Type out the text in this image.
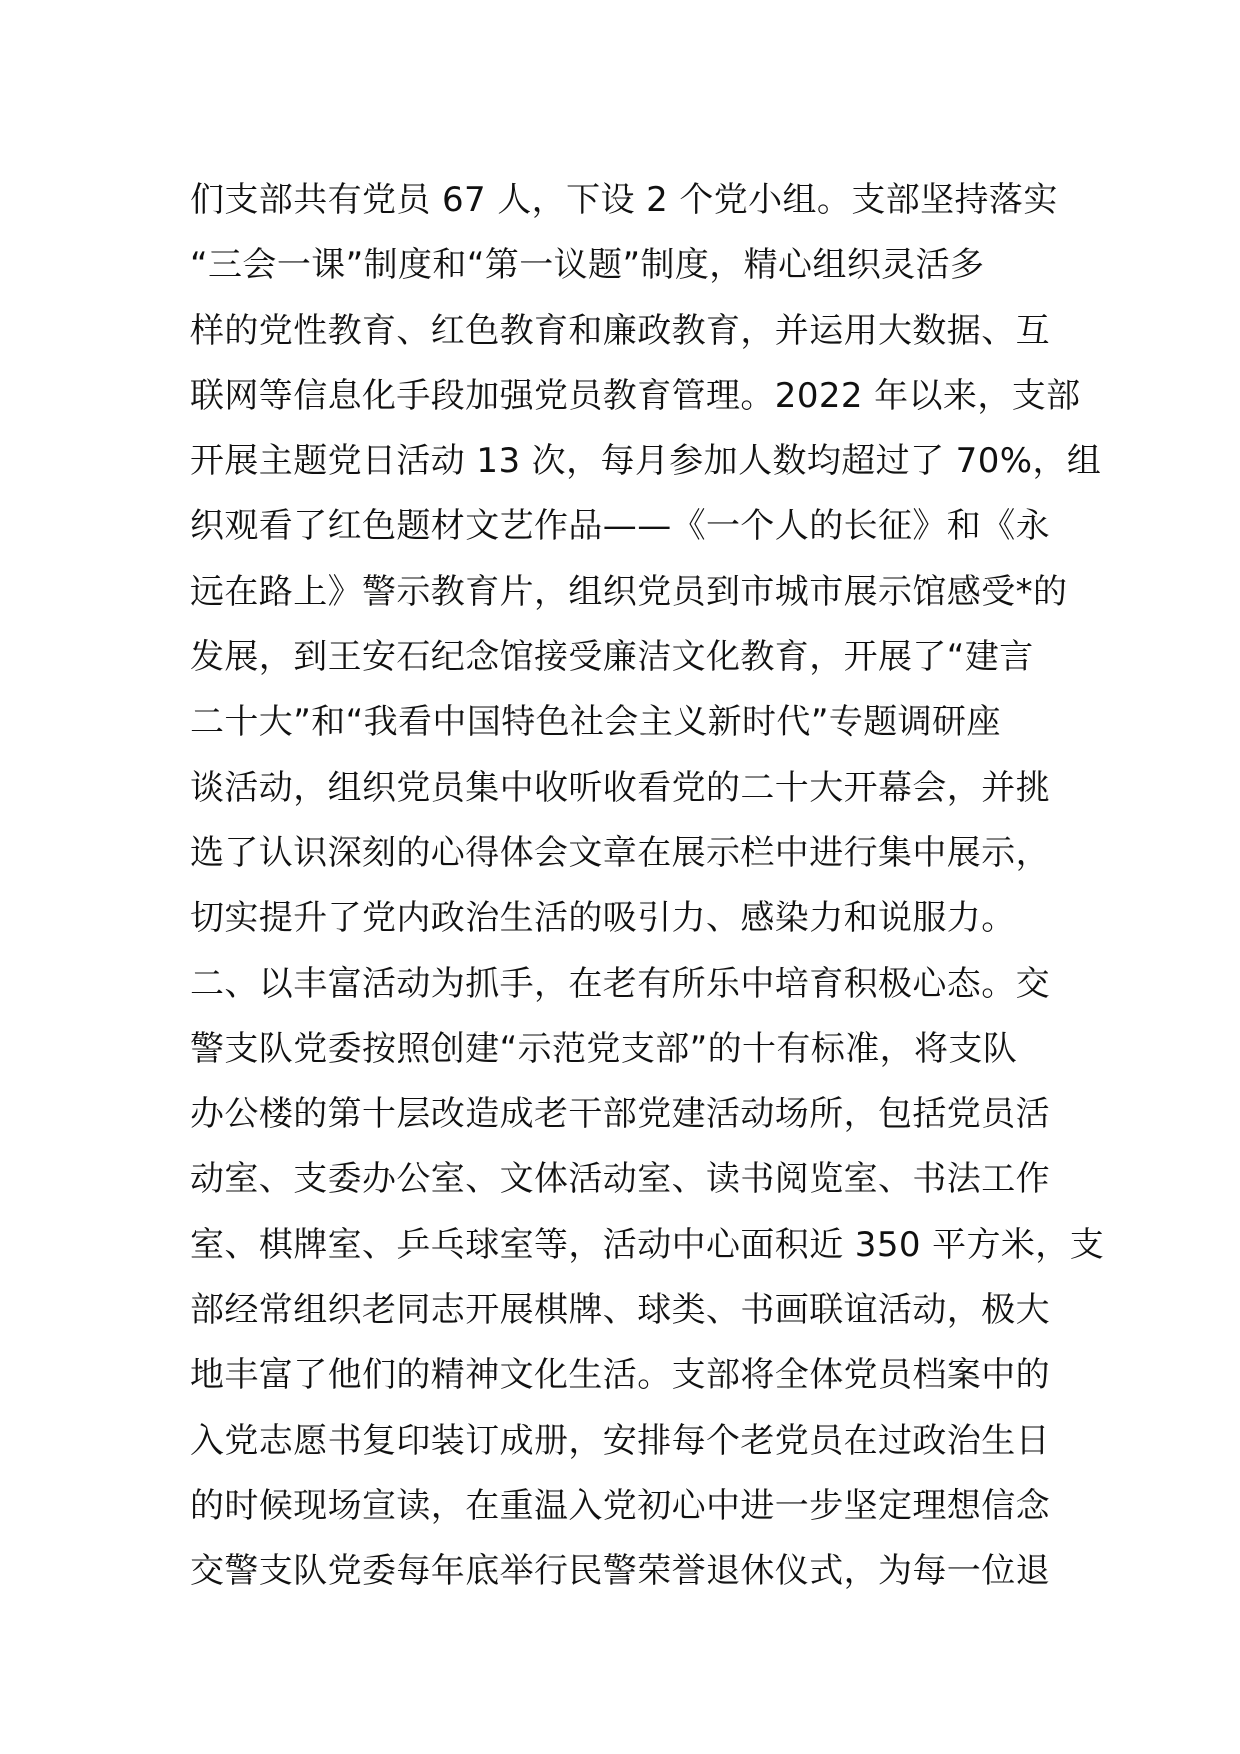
们支部共有党员 67 人，下设 2 个党小组。支部坚持落实
“三会一课”制度和“第一议题”制度，精心组织灵活多
样的党性教育、红色教育和廉政教育，并运用大数据、互
联网等信息化手段加强党员教育管理。2022 年以来，支部
开展主题党日活动 13 次，每月参加人数均超过了 70%，组
织观看了红色题材文艺作品——《一个人的长征》和《永
远在路上》警示教育片，组织党员到市城市展示馆感受*的
发展，到王安石纪念馆接受廉洁文化教育，开展了“建言
二十大”和“我看中国特色社会主义新时代”专题调研座
谈活动，组织党员集中收听收看党的二十大开幕会，并挑
选了认识深刻的心得体会文章在展示栏中进行集中展示，
切实提升了党内政治生活的吸引力、感染力和说服力。
二、以丰富活动为抓手，在老有所乐中培育积极心态。交
警支队党委按照创建“示范党支部”的十有标准，将支队
办公楼的第十层改造成老干部党建活动场所，包括党员活
动室、支委办公室、文体活动室、读书阅览室、书法工作
室、棋牌室、乒乓球室等，活动中心面积近 350 平方米，支
部经常组织老同志开展棋牌、球类、书画联谊活动，极大
地丰富了他们的精神文化生活。支部将全体党员档案中的
入党志愿书复印装订成册，安排每个老党员在过政治生日
的时候现场宣读，在重温入党初心中进一步坚定理想信念
交警支队党委每年底举行民警荣誉退休仪式，为每一位退
